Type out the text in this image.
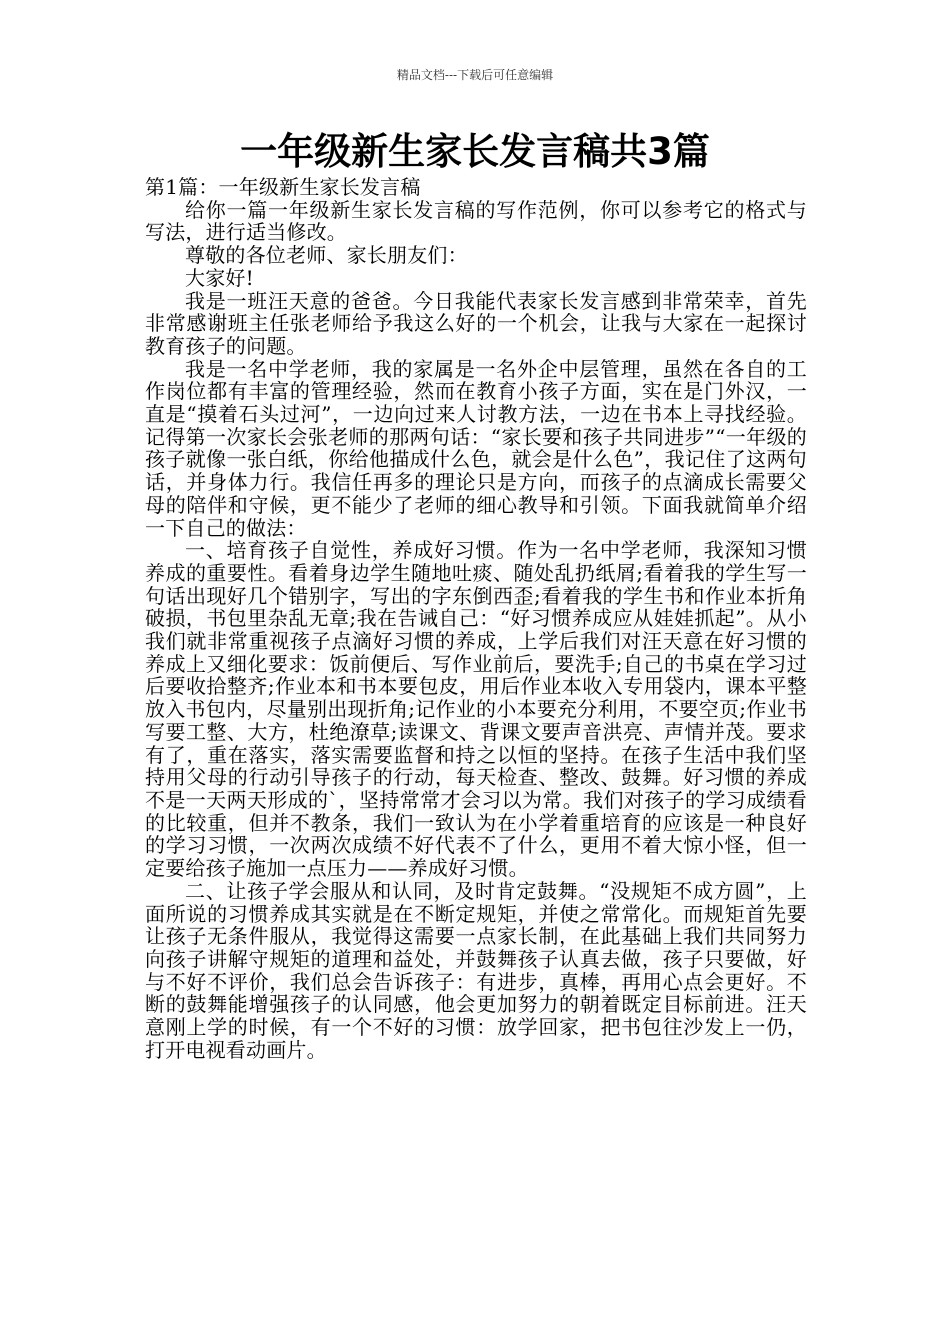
精品文档---下载后可任意编辑
一年级新生家长发言稿共3篇

第1篇：一年级新生家长发言稿

给你一篇一年级新生家长发言稿的写作范例，你可以参考它的格式与写法，进行适当修改。

尊敬的各位老师、家长朋友们：

大家好!

我是一班汪天意的爸爸。今日我能代表家长发言感到非常荣幸，首先非常感谢班主任张老师给予我这么好的一个机会，让我与大家在一起探讨教育孩子的问题。

我是一名中学老师，我的家属是一名外企中层管理，虽然在各自的工作岗位都有丰富的管理经验，然而在教育小孩子方面，实在是门外汉，一直是“摸着石头过河”，一边向过来人讨教方法，一边在书本上寻找经验。记得第一次家长会张老师的那两句话：“家长要和孩子共同进步”“一年级的孩子就像一张白纸，你给他描成什么色，就会是什么色”，我记住了这两句话，并身体力行。我信任再多的理论只是方向，而孩子的点滴成长需要父母的陪伴和守候，更不能少了老师的细心教导和引领。下面我就简单介绍一下自己的做法：

一、培育孩子自觉性，养成好习惯。作为一名中学老师，我深知习惯养成的重要性。看着身边学生随地吐痰、随处乱扔纸屑;看着我的学生写一句话出现好几个错别字，写出的字东倒西歪;看着我的学生书和作业本折角破损，书包里杂乱无章;我在告诫自己：“好习惯养成应从娃娃抓起”。从小我们就非常重视孩子点滴好习惯的养成，上学后我们对汪天意在好习惯的养成上又细化要求：饭前便后、写作业前后，要洗手;自己的书桌在学习过后要收拾整齐;作业本和书本要包皮，用后作业本收入专用袋内，课本平整放入书包内，尽量别出现折角;记作业的小本要充分利用，不要空页;作业书写要工整、大方，杜绝潦草;读课文、背课文要声音洪亮、声情并茂。要求有了，重在落实，落实需要监督和持之以恒的坚持。在孩子生活中我们坚持用父母的行动引导孩子的行动，每天检查、整改、鼓舞。好习惯的养成不是一天两天形成的`，坚持常常才会习以为常。我们对孩子的学习成绩看的比较重，但并不教条，我们一致认为在小学着重培育的应该是一种良好的学习习惯，一次两次成绩不好代表不了什么，更用不着大惊小怪，但一定要给孩子施加一点压力——养成好习惯。

二、让孩子学会服从和认同，及时肯定鼓舞。“没规矩不成方圆”，上面所说的习惯养成其实就是在不断定规矩，并使之常常化。而规矩首先要让孩子无条件服从，我觉得这需要一点家长制，在此基础上我们共同努力向孩子讲解守规矩的道理和益处，并鼓舞孩子认真去做，孩子只要做，好与不好不评价，我们总会告诉孩子：有进步，真棒，再用心点会更好。不断的鼓舞能增强孩子的认同感，他会更加努力的朝着既定目标前进。汪天意刚上学的时候，有一个不好的习惯：放学回家，把书包往沙发上一仍，打开电视看动画片。
